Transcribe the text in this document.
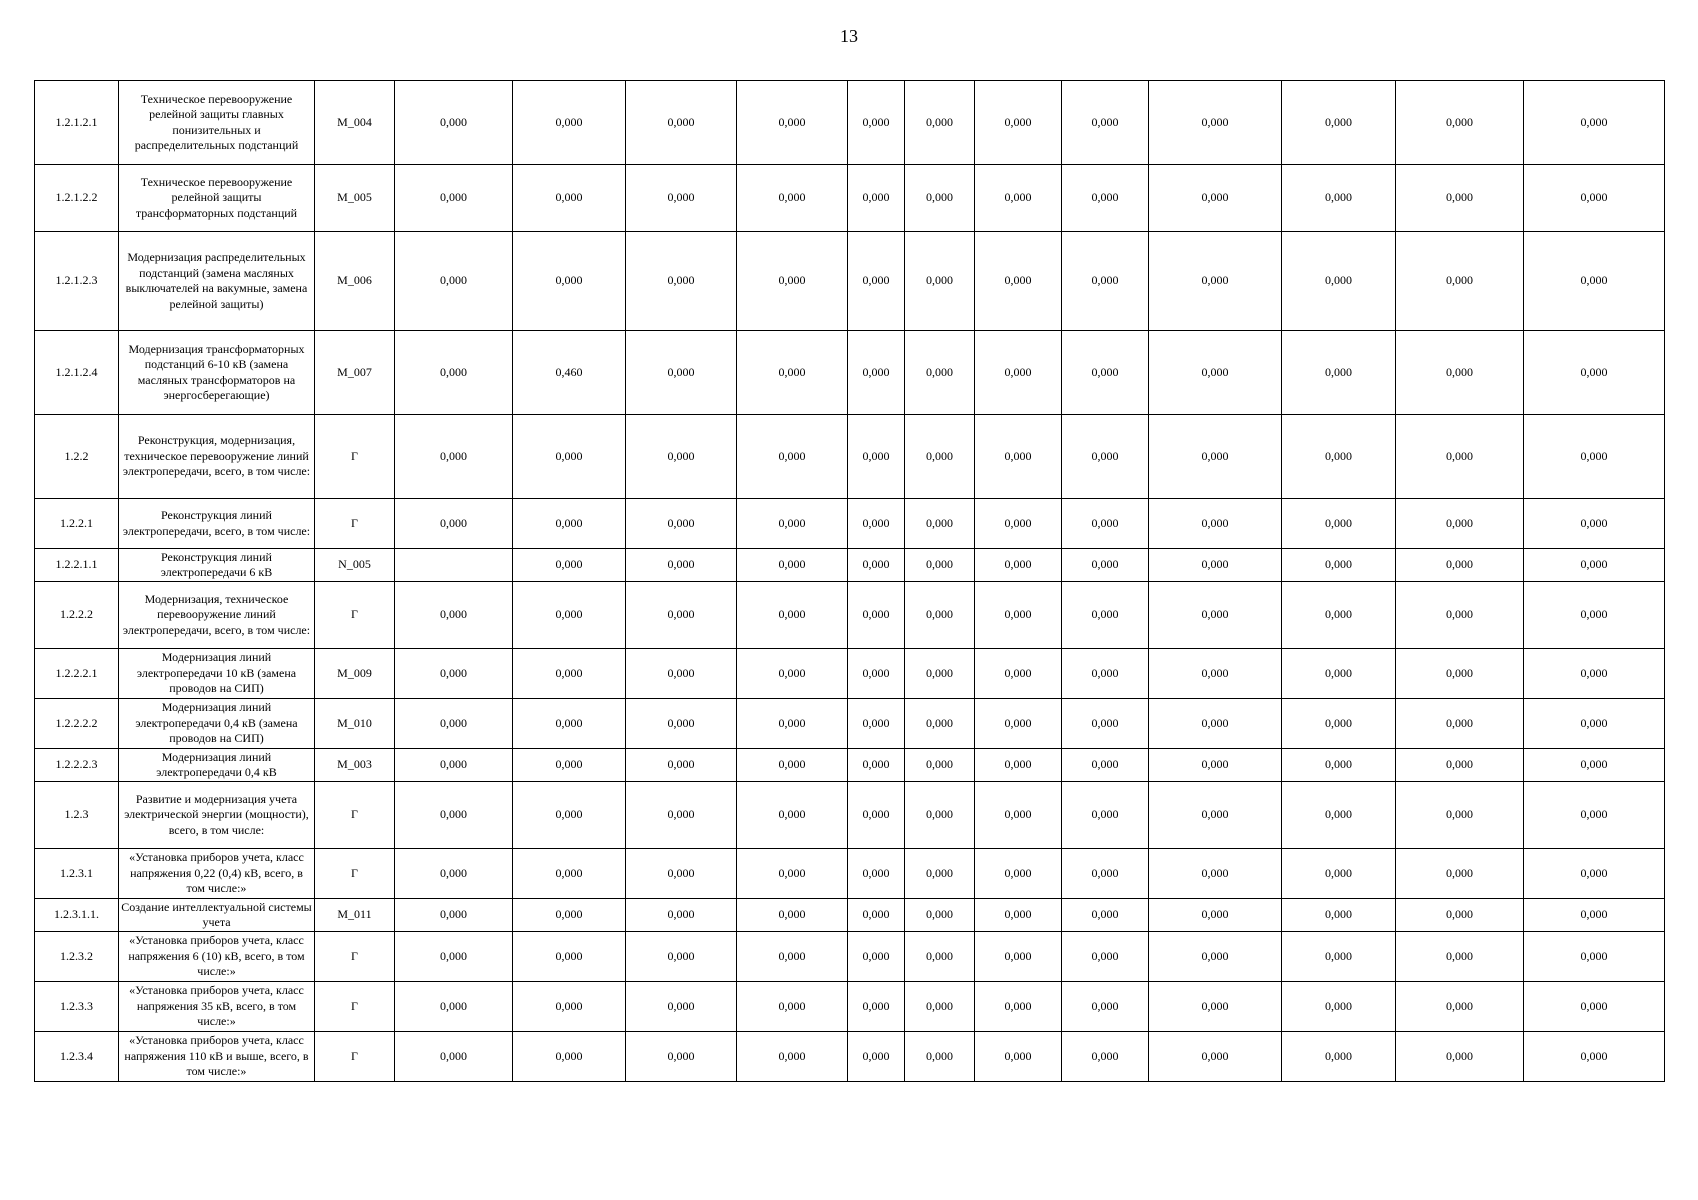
13
1.2.1.2.1	Техническое перевооружение релейной защиты главных понизительных и распределительных подстанций	M_004	0,000	0,000	0,000	0,000	0,000	0,000	0,000	0,000	0,000	0,000	0,000	0,000
1.2.1.2.2	Техническое перевооружение релейной защиты трансформаторных подстанций	M_005	0,000	0,000	0,000	0,000	0,000	0,000	0,000	0,000	0,000	0,000	0,000	0,000
1.2.1.2.3	Модернизация распределительных подстанций (замена масляных выключателей на вакумные, замена релейной защиты)	M_006	0,000	0,000	0,000	0,000	0,000	0,000	0,000	0,000	0,000	0,000	0,000	0,000
1.2.1.2.4	Модернизация трансформаторных подстанций 6-10 кВ (замена масляных трансформаторов на энергосберегающие)	M_007	0,000	0,460	0,000	0,000	0,000	0,000	0,000	0,000	0,000	0,000	0,000	0,000
1.2.2	Реконструкция, модернизация, техническое перевооружение линий электропередачи, всего, в том числе:	Г	0,000	0,000	0,000	0,000	0,000	0,000	0,000	0,000	0,000	0,000	0,000	0,000
1.2.2.1	Реконструкция линий электропередачи, всего, в том числе:	Г	0,000	0,000	0,000	0,000	0,000	0,000	0,000	0,000	0,000	0,000	0,000	0,000
1.2.2.1.1	Реконструкция линий электропередачи 6 кВ	N_005		0,000	0,000	0,000	0,000	0,000	0,000	0,000	0,000	0,000	0,000	0,000
1.2.2.2	Модернизация, техническое перевооружение линий электропередачи, всего, в том числе:	Г	0,000	0,000	0,000	0,000	0,000	0,000	0,000	0,000	0,000	0,000	0,000	0,000
1.2.2.2.1	Модернизация линий электропередачи 10 кВ (замена проводов на СИП)	M_009	0,000	0,000	0,000	0,000	0,000	0,000	0,000	0,000	0,000	0,000	0,000	0,000
1.2.2.2.2	Модернизация линий электропередачи 0,4 кВ (замена проводов на СИП)	M_010	0,000	0,000	0,000	0,000	0,000	0,000	0,000	0,000	0,000	0,000	0,000	0,000
1.2.2.2.3	Модернизация линий электропередачи 0,4 кВ	M_003	0,000	0,000	0,000	0,000	0,000	0,000	0,000	0,000	0,000	0,000	0,000	0,000
1.2.3	Развитие и модернизация учета электрической энергии (мощности), всего, в том числе:	Г	0,000	0,000	0,000	0,000	0,000	0,000	0,000	0,000	0,000	0,000	0,000	0,000
1.2.3.1	«Установка приборов учета, класс напряжения 0,22 (0,4) кВ, всего, в том числе:»	Г	0,000	0,000	0,000	0,000	0,000	0,000	0,000	0,000	0,000	0,000	0,000	0,000
1.2.3.1.1.	Создание интеллектуальной системы учета	M_011	0,000	0,000	0,000	0,000	0,000	0,000	0,000	0,000	0,000	0,000	0,000	0,000
1.2.3.2	«Установка приборов учета, класс напряжения 6 (10) кВ, всего, в том числе:»	Г	0,000	0,000	0,000	0,000	0,000	0,000	0,000	0,000	0,000	0,000	0,000	0,000
1.2.3.3	«Установка приборов учета, класс напряжения 35 кВ, всего, в том числе:»	Г	0,000	0,000	0,000	0,000	0,000	0,000	0,000	0,000	0,000	0,000	0,000	0,000
1.2.3.4	«Установка приборов учета, класс напряжения 110 кВ и выше, всего, в том числе:»	Г	0,000	0,000	0,000	0,000	0,000	0,000	0,000	0,000	0,000	0,000	0,000	0,000
